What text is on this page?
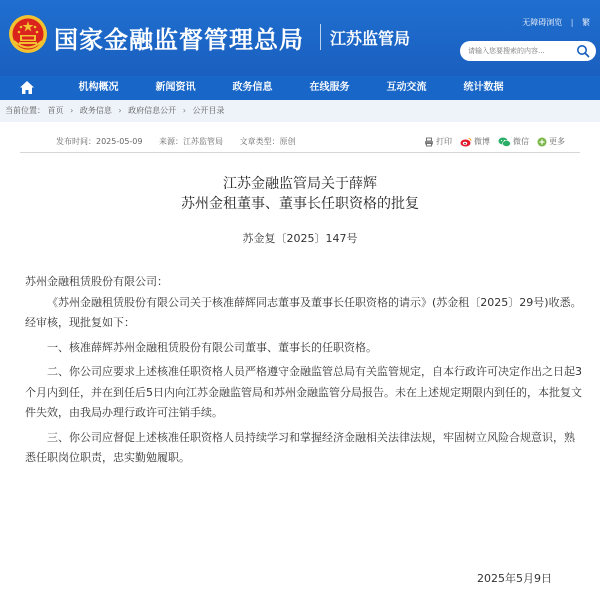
国家金融监督管理总局 江苏监管局
无障碍浏览 | 繁
请输入您要搜索的内容...
机构概况	新闻资讯	政务信息	在线服务	互动交流	统计数据
当前位置： 首页 › 政务信息 › 政府信息公开 › 公开目录
发布时间：2025-05-09 来源：江苏监管局 文章类型：原创	打印	微博	微信	更多
江苏金融监管局关于薛辉
苏州金租董事、董事长任职资格的批复
苏金复〔2025〕147号

苏州金融租赁股份有限公司：

《苏州金融租赁股份有限公司关于核准薛辉同志董事及董事长任职资格的请示》(苏金租〔2025〕29号)收悉。经审核，现批复如下：

一、核准薛辉苏州金融租赁股份有限公司董事、董事长的任职资格。

二、你公司应要求上述核准任职资格人员严格遵守金融监管总局有关监管规定，自本行政许可决定作出之日起3个月内到任，并在到任后5日内向江苏金融监管局和苏州金融监管分局报告。未在上述规定期限内到任的，本批复文件失效，由我局办理行政许可注销手续。

三、你公司应督促上述核准任职资格人员持续学习和掌握经济金融相关法律法规，牢固树立风险合规意识，熟悉任职岗位职责，忠实勤勉履职。

2025年5月9日
